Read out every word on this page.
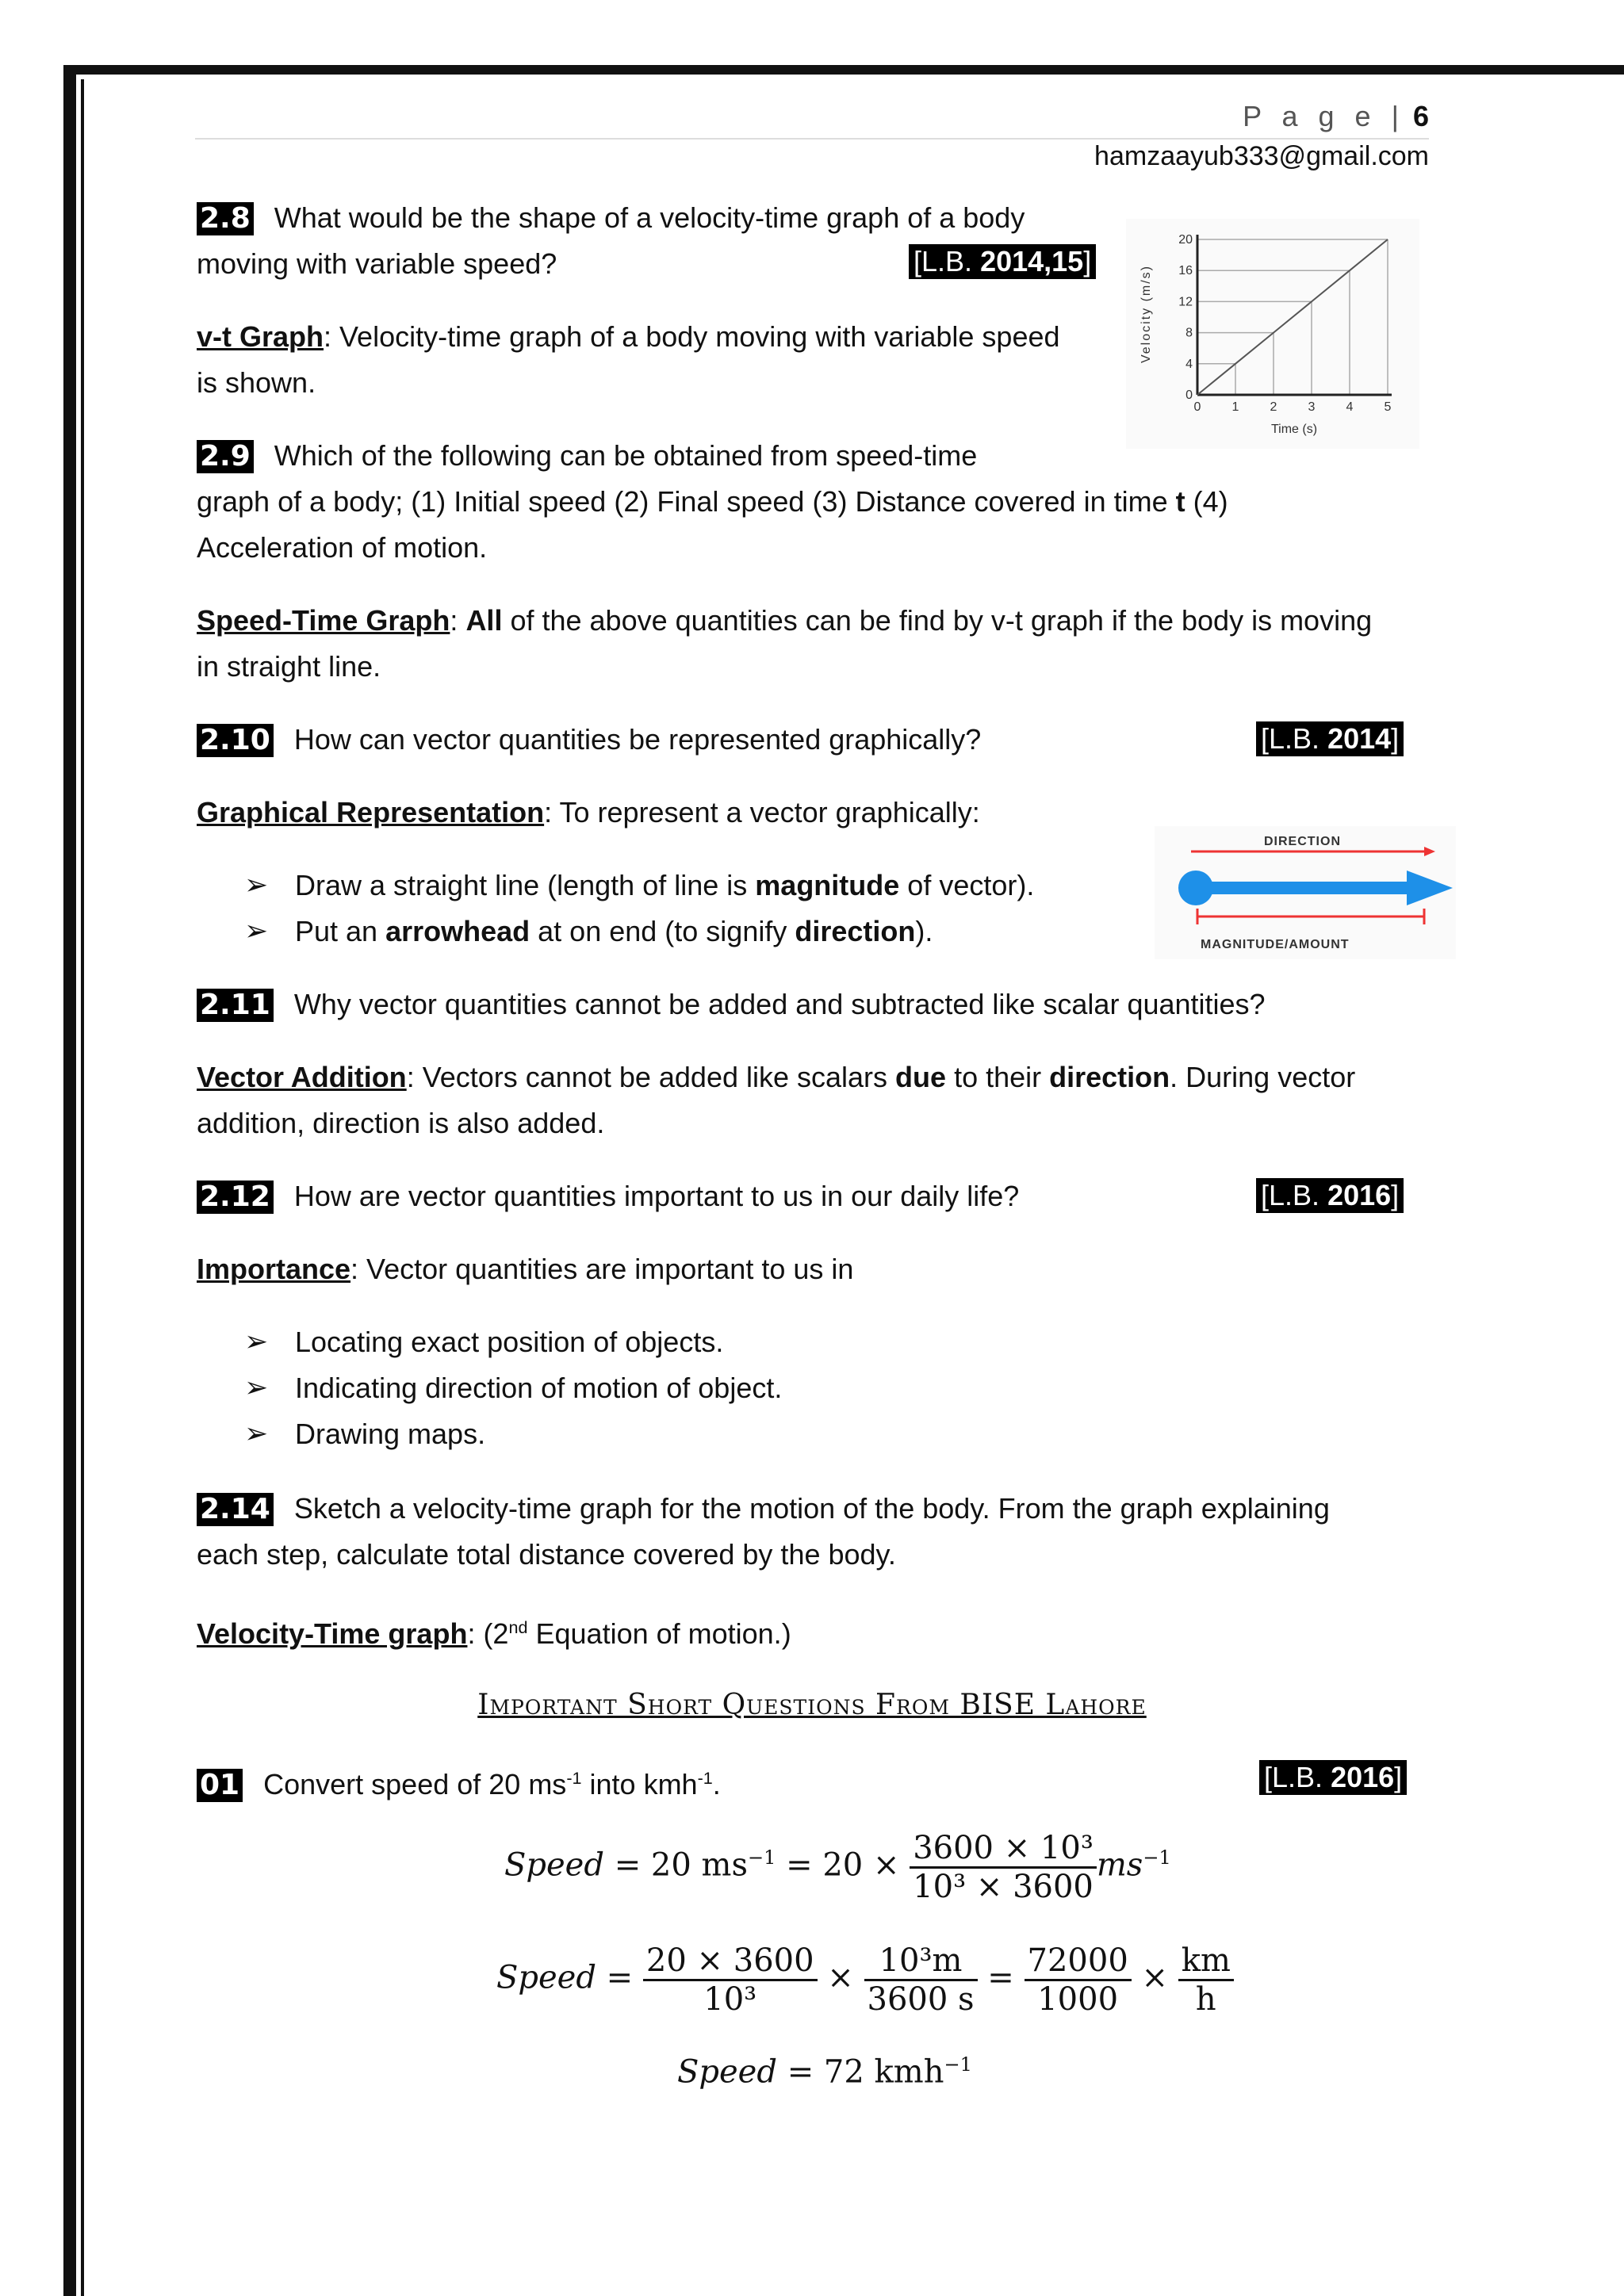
P a g e | 6
hamzaayub333@gmail.com
2.8 What would be the shape of a velocity-time graph of a body
moving with variable speed?	[L.B. 2014,15]
v-t Graph: Velocity-time graph of a body moving with variable speed
is shown.
0 1 2 3 4 5
0
4
8
12
16
20
Time (s)
Velocity (m/s)
2.9 Which of the following can be obtained from speed-time
graph of a body; (1) Initial speed (2) Final speed (3) Distance covered in time t (4)
Acceleration of motion.
Speed-Time Graph: All of the above quantities can be find by v-t graph if the body is moving
in straight line.
2.10 How can vector quantities be represented graphically?	[L.B. 2014]
Graphical Representation: To represent a vector graphically:
➢ Draw a straight line (length of line is magnitude of vector).
➢ Put an arrowhead at on end (to signify direction).
DIRECTION
MAGNITUDE/AMOUNT
2.11 Why vector quantities cannot be added and subtracted like scalar quantities?
Vector Addition: Vectors cannot be added like scalars due to their direction. During vector
addition, direction is also added.
2.12 How are vector quantities important to us in our daily life?	[L.B. 2016]
Importance: Vector quantities are important to us in
➢ Locating exact position of objects.
➢ Indicating direction of motion of object.
➢ Drawing maps.
2.14 Sketch a velocity-time graph for the motion of the body. From the graph explaining
each step, calculate total distance covered by the body.
Velocity-Time graph: (2nd Equation of motion.)
Important Short Questions From BISE Lahore
01 Convert speed of 20 $ms^{-1}$ into kmh$^{-1}$.	[L.B. 2016]
Speed = 20 $ms^{-1} = 20 \times \frac{\text{3600 × 10³}}{\text{10³ × 3600}} ms^{-1}$
Speed = $\frac{20 \times 3600}{\text{10³}} \times \frac{\text{10³m}}{3600 s} = \frac{72000}{1000} \times \frac{km}{h}$
Speed = 72 kmh$^{-1}$
